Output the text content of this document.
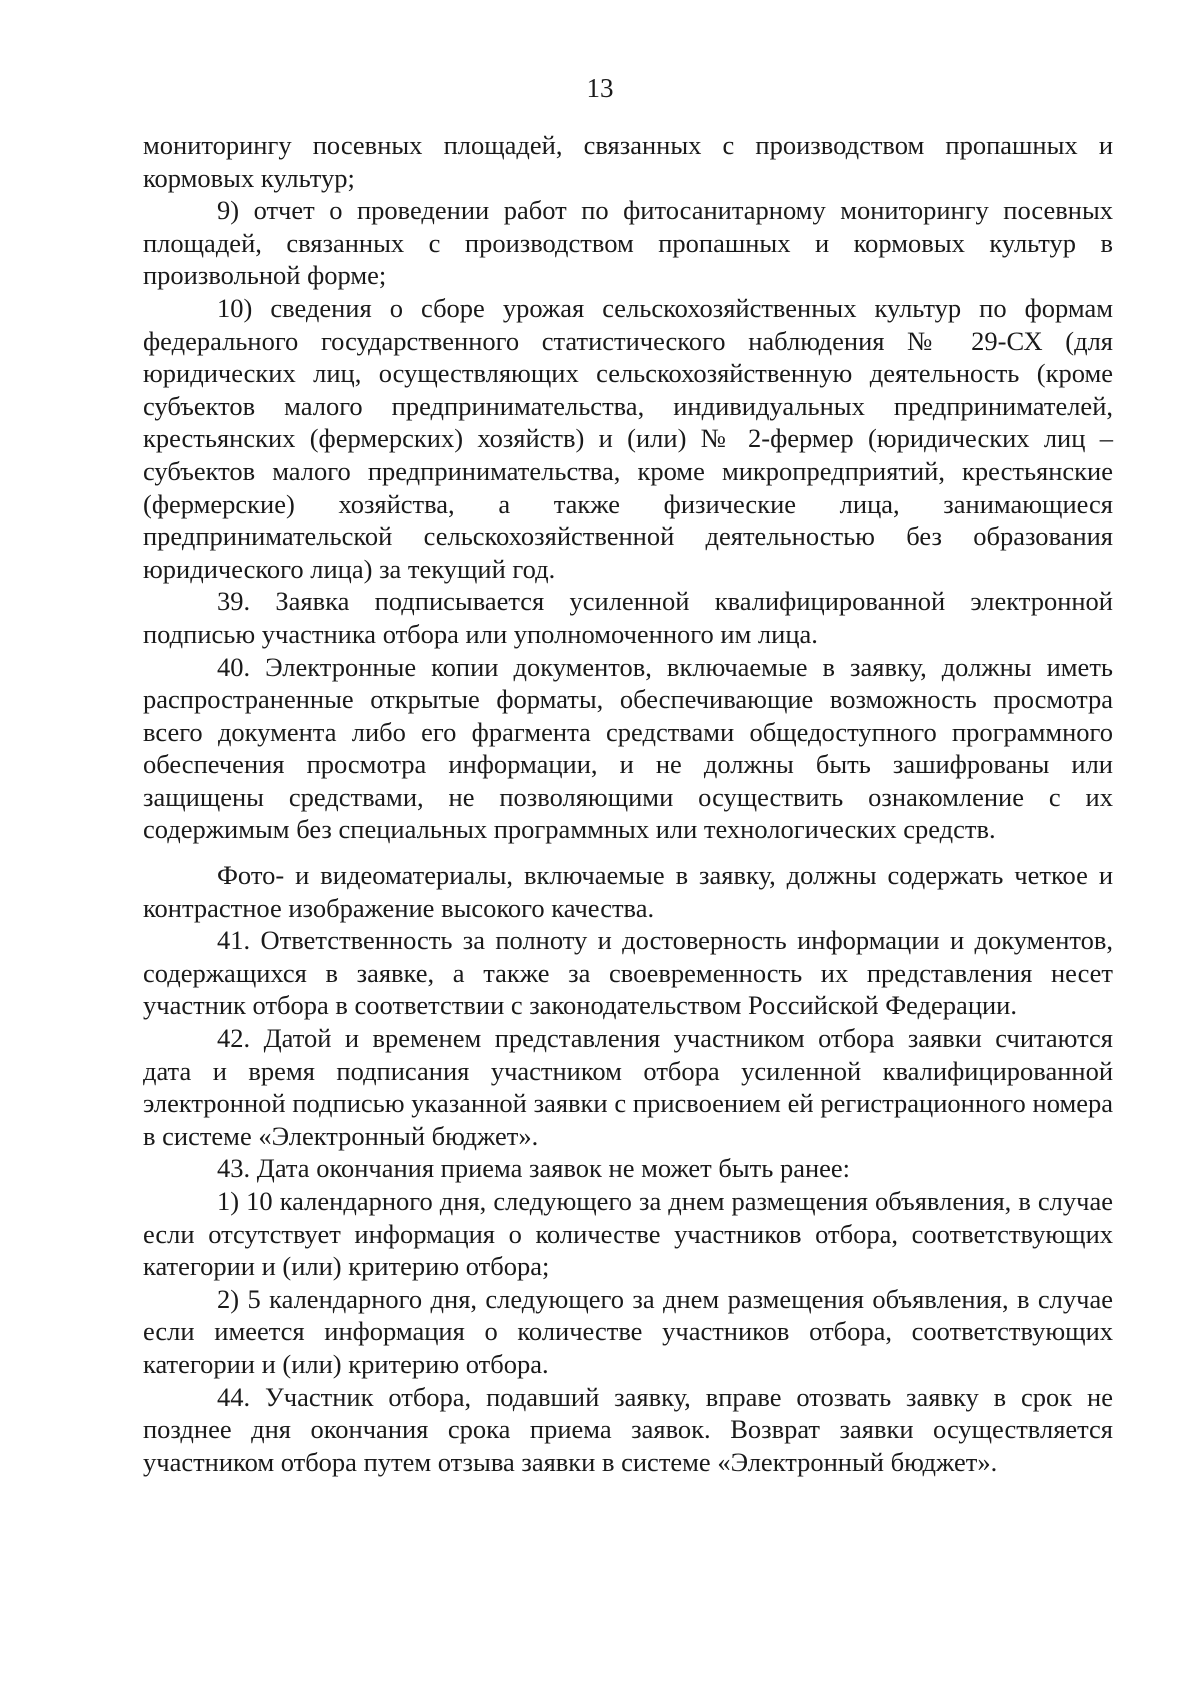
13

мониторингу посевных площадей, связанных с производством пропашных и кормовых культур;

9) отчет о проведении работ по фитосанитарному мониторингу посевных площадей, связанных с производством пропашных и кормовых культур в произвольной форме;

10) сведения о сборе урожая сельскохозяйственных культур по формам федерального государственного статистического наблюдения № 29-СХ (для юридических лиц, осуществляющих сельскохозяйственную деятельность (кроме субъектов малого предпринимательства, индивидуальных предпринимателей, крестьянских (фермерских) хозяйств) и (или) № 2-фермер (юридических лиц – субъектов малого предпринимательства, кроме микропредприятий, крестьянские (фермерские) хозяйства, а также физические лица, занимающиеся предпринимательской сельскохозяйственной деятельностью без образования юридического лица) за текущий год.

39. Заявка подписывается усиленной квалифицированной электронной подписью участника отбора или уполномоченного им лица.

40. Электронные копии документов, включаемые в заявку, должны иметь распространенные открытые форматы, обеспечивающие возможность просмотра всего документа либо его фрагмента средствами общедоступного программного обеспечения просмотра информации, и не должны быть зашифрованы или защищены средствами, не позволяющими осуществить ознакомление с их содержимым без специальных программных или технологических средств.

Фото- и видеоматериалы, включаемые в заявку, должны содержать четкое и контрастное изображение высокого качества.

41. Ответственность за полноту и достоверность информации и документов, содержащихся в заявке, а также за своевременность их представления несет участник отбора в соответствии с законодательством Российской Федерации.

42. Датой и временем представления участником отбора заявки считаются дата и время подписания участником отбора усиленной квалифицированной электронной подписью указанной заявки с присвоением ей регистрационного номера в системе «Электронный бюджет».

43. Дата окончания приема заявок не может быть ранее:

1) 10 календарного дня, следующего за днем размещения объявления, в случае если отсутствует информация о количестве участников отбора, соответствующих категории и (или) критерию отбора;

2) 5 календарного дня, следующего за днем размещения объявления, в случае если имеется информация о количестве участников отбора, соответствующих категории и (или) критерию отбора.

44. Участник отбора, подавший заявку, вправе отозвать заявку в срок не позднее дня окончания срока приема заявок. Возврат заявки осуществляется участником отбора путем отзыва заявки в системе «Электронный бюджет».
